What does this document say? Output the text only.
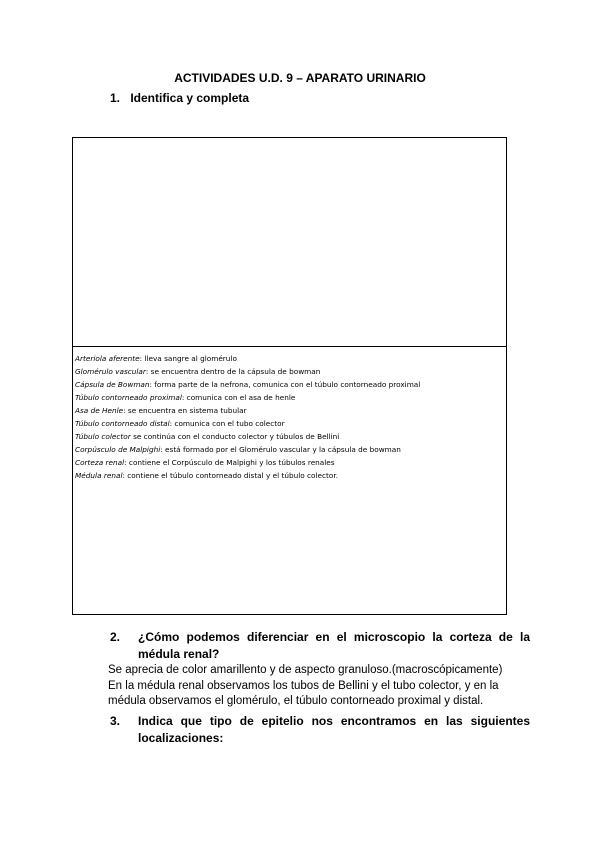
ACTIVIDADES U.D. 9 – APARATO URINARIO
1. Identifica y completa
Arteriola aferente: lleva sangre al glomérulo
Glomérulo vascular: se encuentra dentro de la cápsula de bowman
Cápsula de Bowman: forma parte de la nefrona, comunica con el túbulo contorneado proximal
Túbulo contorneado proximal: comunica con el asa de henle
Asa de Henle: se encuentra en sistema tubular
Túbulo contorneado distal: comunica con el tubo colector
Túbulo colector se continúa con el conducto colector y túbulos de Bellini
Corpúsculo de Malpighi: está formado por el Glomérulo vascular y la cápsula de bowman
Corteza renal: contiene el Corpúsculo de Malpighi y los túbulos renales
Médula renal: contiene el túbulo contorneado distal y el túbulo colector.
2. ¿Cómo podemos diferenciar en el microscopio la corteza de la
médula renal?

Se aprecia de color amarillento y de aspecto granuloso.(macroscópicamente)

En la médula renal observamos los tubos de Bellini y el tubo colector, y en la médula observamos el glomérulo, el túbulo contorneado proximal y distal.

3. Indica que tipo de epitelio nos encontramos en las siguientes
localizaciones:
